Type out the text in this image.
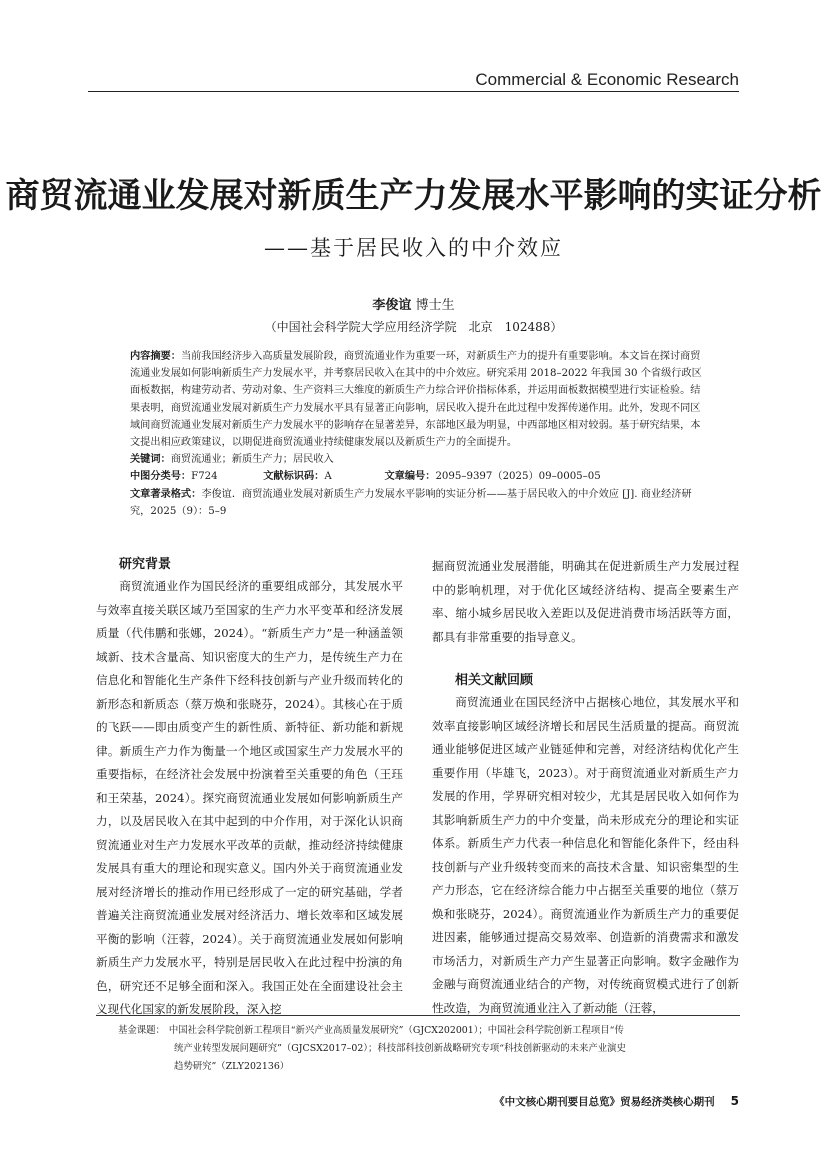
Commercial & Economic Research
商贸流通业发展对新质生产力发展水平影响的实证分析
——基于居民收入的中介效应
李俊谊 博士生
（中国社会科学院大学应用经济学院　北京　102488）

内容摘要：当前我国经济步入高质量发展阶段，商贸流通业作为重要一环，对新质生产力的提升有重要影响。本文旨在探讨商贸流通业发展如何影响新质生产力发展水平，并考察居民收入在其中的中介效应。研究采用 2018–2022 年我国 30 个省级行政区面板数据，构建劳动者、劳动对象、生产资料三大维度的新质生产力综合评价指标体系，并运用面板数据模型进行实证检验。结果表明，商贸流通业发展对新质生产力发展水平具有显著正向影响，居民收入提升在此过程中发挥传递作用。此外，发现不同区域间商贸流通业发展对新质生产力发展水平的影响存在显著差异，东部地区最为明显，中西部地区相对较弱。基于研究结果，本文提出相应政策建议，以期促进商贸流通业持续健康发展以及新质生产力的全面提升。

关键词：商贸流通业；新质生产力；居民收入

中图分类号：F724	文献标识码：A	文章编号：2095–9397（2025）09–0005–05

文章著录格式：李俊谊．商贸流通业发展对新质生产力发展水平影响的实证分析——基于居民收入的中介效应 [J]. 商业经济研究，2025（9）：5–9

研究背景

商贸流通业作为国民经济的重要组成部分，其发展水平与效率直接关联区域乃至国家的生产力水平变革和经济发展质量（代伟鹏和张娜，2024）。“新质生产力”是一种涵盖领域新、技术含量高、知识密度大的生产力，是传统生产力在信息化和智能化生产条件下经科技创新与产业升级而转化的新形态和新质态（蔡万焕和张晓芬，2024）。其核心在于质的飞跃——即由质变产生的新性质、新特征、新功能和新规律。新质生产力作为衡量一个地区或国家生产力发展水平的重要指标，在经济社会发展中扮演着至关重要的角色（王珏和王荣基，2024）。探究商贸流通业发展如何影响新质生产力，以及居民收入在其中起到的中介作用，对于深化认识商贸流通业对生产力发展水平改革的贡献，推动经济持续健康发展具有重大的理论和现实意义。国内外关于商贸流通业发展对经济增长的推动作用已经形成了一定的研究基础，学者普遍关注商贸流通业发展对经济活力、增长效率和区域发展平衡的影响（汪蓉，2024）。关于商贸流通业发展如何影响新质生产力发展水平，特别是居民收入在此过程中扮演的角色，研究还不足够全面和深入。我国正处在全面建设社会主义现代化国家的新发展阶段，深入挖

掘商贸流通业发展潜能，明确其在促进新质生产力发展过程中的影响机理，对于优化区域经济结构、提高全要素生产率、缩小城乡居民收入差距以及促进消费市场活跃等方面，都具有非常重要的指导意义。

相关文献回顾

商贸流通业在国民经济中占据核心地位，其发展水平和效率直接影响区域经济增长和居民生活质量的提高。商贸流通业能够促进区域产业链延伸和完善，对经济结构优化产生重要作用（毕雄飞，2023）。对于商贸流通业对新质生产力发展的作用，学界研究相对较少，尤其是居民收入如何作为其影响新质生产力的中介变量，尚未形成充分的理论和实证体系。新质生产力代表一种信息化和智能化条件下，经由科技创新与产业升级转变而来的高技术含量、知识密集型的生产力形态，它在经济综合能力中占据至关重要的地位（蔡万焕和张晓芬，2024）。商贸流通业作为新质生产力的重要促进因素，能够通过提高交易效率、创造新的消费需求和激发市场活力，对新质生产力产生显著正向影响。数字金融作为金融与商贸流通业结合的产物，对传统商贸模式进行了创新性改造，为商贸流通业注入了新动能（汪蓉，

基金课题： 中国社会科学院创新工程项目“新兴产业高质量发展研究”（GJCX202001）；中国社会科学院创新工程项目“传
统产业转型发展问题研究”（GJCSX2017–02）；科技部科技创新战略研究专项“科技创新驱动的未来产业演史
趋势研究”（ZLY202136）
《中文核心期刊要目总览》贸易经济类核心期刊 5
